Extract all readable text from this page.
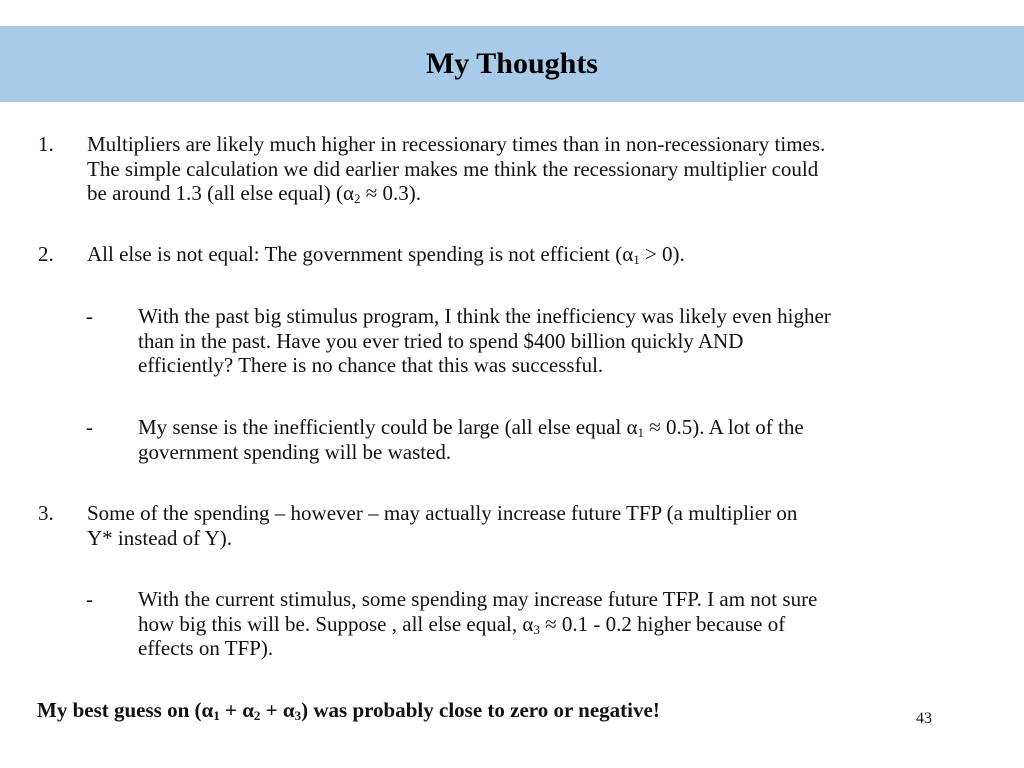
My Thoughts
1. Multipliers are likely much higher in recessionary times than in non-recessionary times.
The simple calculation we did earlier makes me think the recessionary multiplier could
be around 1.3 (all else equal) $(\alpha_2 \approx 0.3)$.
2. All else is not equal: The government spending is not efficient $(\alpha_1 > 0)$.
- With the past big stimulus program, I think the inefficiency was likely even higher
than in the past. Have you ever tried to spend $400 billion quickly AND
efficiently? There is no chance that this was successful.
- My sense is the inefficiently could be large (all else equal $\alpha_1 \approx 0.5$). A lot of the
government spending will be wasted.
3. Some of the spending – however – may actually increase future TFP (a multiplier on
Y* instead of Y).
- With the current stimulus, some spending may increase future TFP. I am not sure
how big this will be. Suppose , all else equal, $\alpha_3 \approx 0.1 - 0.2$ higher because of
effects on TFP).
My best guess on $(\alpha_1 + \alpha_2 + \alpha_3)$ was probably close to zero or negative!	43
